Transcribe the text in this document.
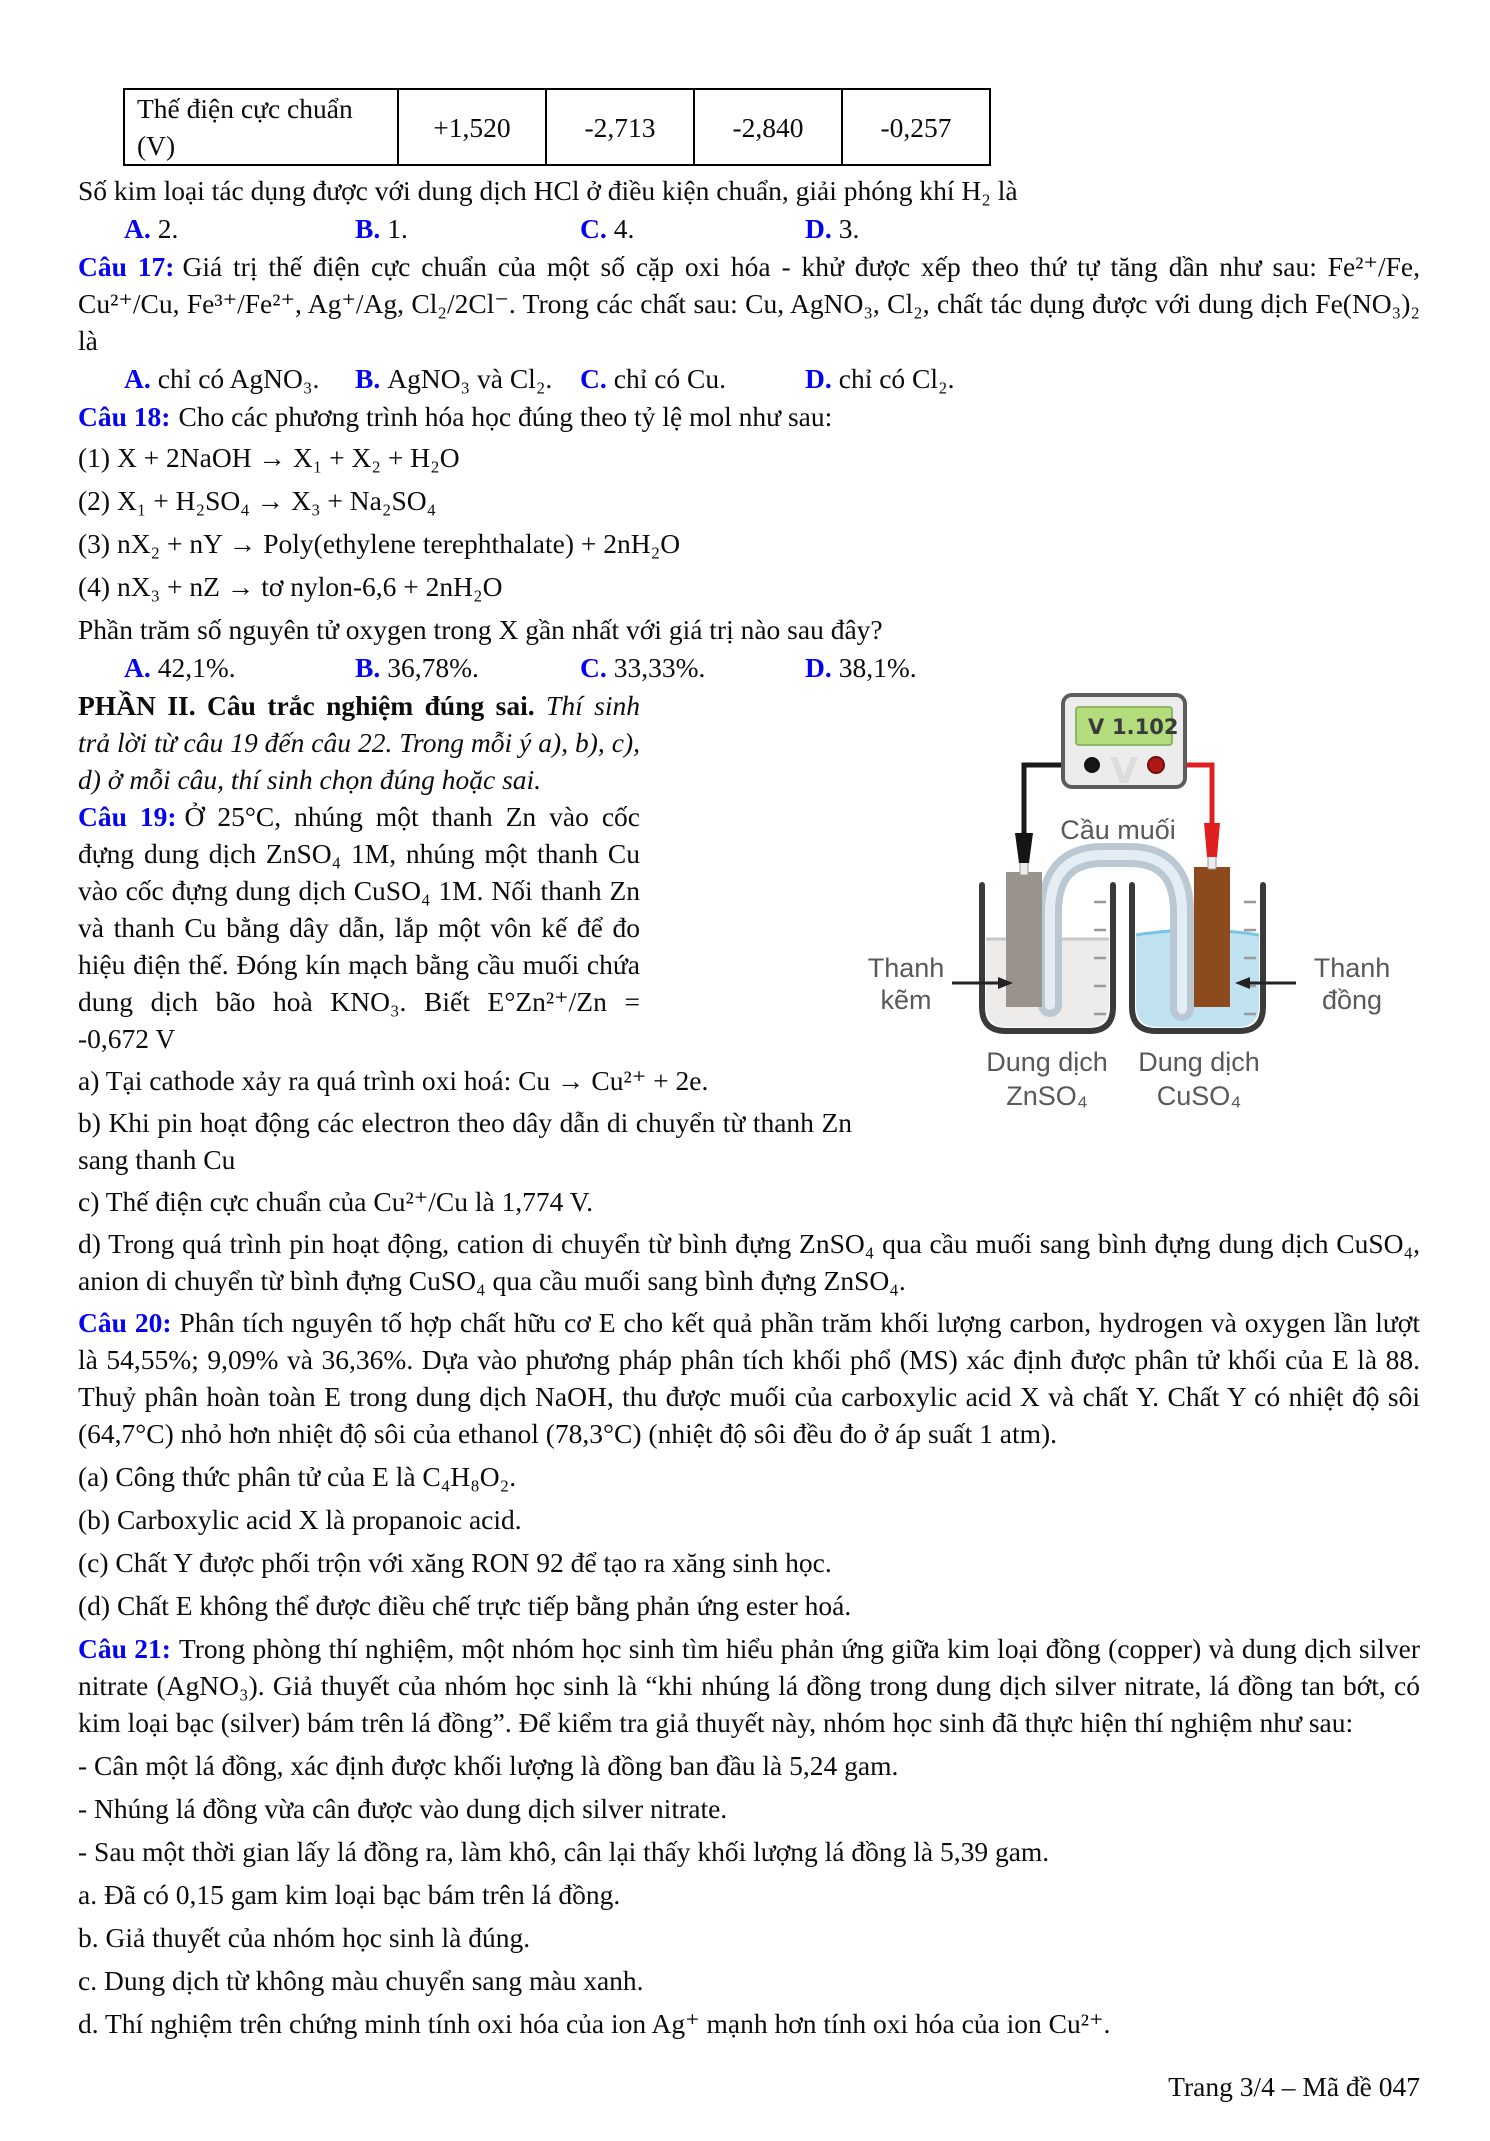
Thế điện cực chuẩn (V)	+1,520	-2,713	-2,840	-0,257

Số kim loại tác dụng được với dung dịch HCl ở điều kiện chuẩn, giải phóng khí H₂ là

A. 2.	B. 1.	C. 4.	D. 3.

Câu 17: Giá trị thế điện cực chuẩn của một số cặp oxi hóa - khử được xếp theo thứ tự tăng dần như sau: Fe²⁺/Fe, Cu²⁺/Cu, Fe³⁺/Fe²⁺, Ag⁺/Ag, Cl₂/2Cl⁻. Trong các chất sau: Cu, AgNO₃, Cl₂, chất tác dụng được với dung dịch Fe(NO₃)₂ là

A. chỉ có AgNO₃.	B. AgNO₃ và Cl₂.	C. chỉ có Cu.	D. chỉ có Cl₂.

Câu 18: Cho các phương trình hóa học đúng theo tỷ lệ mol như sau:

(1) X + 2NaOH → X₁ + X₂ + H₂O

(2) X₁ + H₂SO₄ → X₃ + Na₂SO₄

(3) nX₂ + nY → Poly(ethylene terephthalate) + 2nH₂O

(4) nX₃ + nZ → tơ nylon-6,6 + 2nH₂O

Phần trăm số nguyên tử oxygen trong X gần nhất với giá trị nào sau đây?

A. 42,1%.	B. 36,78%.	C. 33,33%.	D. 38,1%.

PHẦN II. Câu trắc nghiệm đúng sai. Thí sinh trả lời từ câu 19 đến câu 22. Trong mỗi ý a), b), c), d) ở mỗi câu, thí sinh chọn đúng hoặc sai.

Câu 19: Ở 25°C, nhúng một thanh Zn vào cốc đựng dung dịch ZnSO₄ 1M, nhúng một thanh Cu vào cốc đựng dung dịch CuSO₄ 1M. Nối thanh Zn và thanh Cu bằng dây dẫn, lắp một vôn kế để đo hiệu điện thế. Đóng kín mạch bằng cầu muối chứa dung dịch bão hoà KNO₃. Biết E°Zn²⁺/Zn = -0,672 V

a) Tại cathode xảy ra quá trình oxi hoá: Cu → Cu²⁺ + 2e.

b) Khi pin hoạt động các electron theo dây dẫn di chuyển từ thanh Zn sang thanh Cu

c) Thế điện cực chuẩn của Cu²⁺/Cu là 1,774 V.

d) Trong quá trình pin hoạt động, cation di chuyển từ bình đựng ZnSO₄ qua cầu muối sang bình đựng dung dịch CuSO₄, anion di chuyển từ bình đựng CuSO₄ qua cầu muối sang bình đựng ZnSO₄.

V
V 1.102
Cầu muối
Thanh
kẽm
Thanh
đồng
Dung dịch
ZnSO₄
Dung dịch
CuSO₄

Câu 20: Phân tích nguyên tố hợp chất hữu cơ E cho kết quả phần trăm khối lượng carbon, hydrogen và oxygen lần lượt là 54,55%; 9,09% và 36,36%. Dựa vào phương pháp phân tích khối phổ (MS) xác định được phân tử khối của E là 88. Thuỷ phân hoàn toàn E trong dung dịch NaOH, thu được muối của carboxylic acid X và chất Y. Chất Y có nhiệt độ sôi (64,7°C) nhỏ hơn nhiệt độ sôi của ethanol (78,3°C) (nhiệt độ sôi đều đo ở áp suất 1 atm).

(a) Công thức phân tử của E là C₄H₈O₂.

(b) Carboxylic acid X là propanoic acid.

(c) Chất Y được phối trộn với xăng RON 92 để tạo ra xăng sinh học.

(d) Chất E không thể được điều chế trực tiếp bằng phản ứng ester hoá.

Câu 21: Trong phòng thí nghiệm, một nhóm học sinh tìm hiểu phản ứng giữa kim loại đồng (copper) và dung dịch silver nitrate (AgNO₃). Giả thuyết của nhóm học sinh là “khi nhúng lá đồng trong dung dịch silver nitrate, lá đồng tan bớt, có kim loại bạc (silver) bám trên lá đồng”. Để kiểm tra giả thuyết này, nhóm học sinh đã thực hiện thí nghiệm như sau:

- Cân một lá đồng, xác định được khối lượng là đồng ban đầu là 5,24 gam.

- Nhúng lá đồng vừa cân được vào dung dịch silver nitrate.

- Sau một thời gian lấy lá đồng ra, làm khô, cân lại thấy khối lượng lá đồng là 5,39 gam.

a. Đã có 0,15 gam kim loại bạc bám trên lá đồng.

b. Giả thuyết của nhóm học sinh là đúng.

c. Dung dịch từ không màu chuyển sang màu xanh.

d. Thí nghiệm trên chứng minh tính oxi hóa của ion Ag⁺ mạnh hơn tính oxi hóa của ion Cu²⁺.

Trang 3/4 – Mã đề 047
